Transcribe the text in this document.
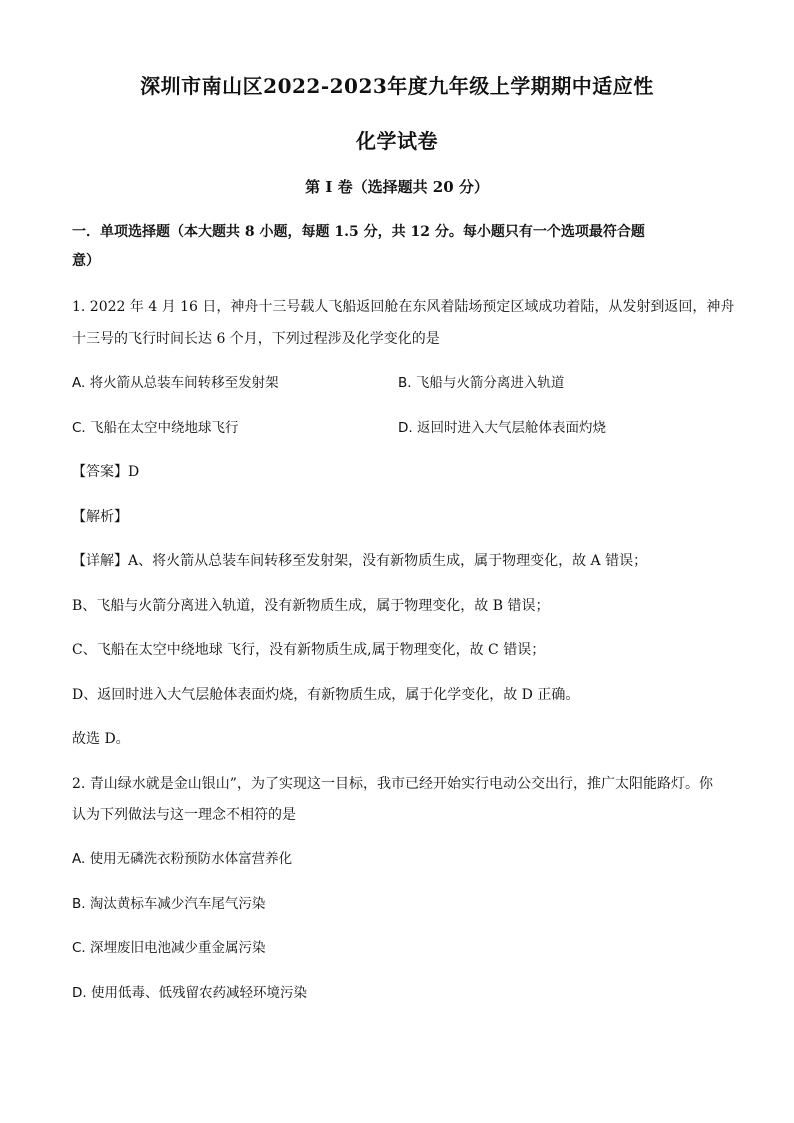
深圳市南山区2022-2023年度九年级上学期期中适应性
化学试卷
第 I 卷（选择题共 20 分）
一．单项选择题（本大题共 8 小题，每题 1.5 分，共 12 分。每小题只有一个选项最符合题
意）
1. 2022 年 4 月 16 日，神舟十三号载人飞船返回舱在东风着陆场预定区域成功着陆，从发射到返回，神舟
十三号的飞行时间长达 6 个月，下列过程涉及化学变化的是
A. 将火箭从总装车间转移至发射架	B. 飞船与火箭分离进入轨道
C. 飞船在太空中绕地球飞行	D. 返回时进入大气层舱体表面灼烧
【答案】D
【解析】
【详解】A、将火箭从总装车间转移至发射架，没有新物质生成，属于物理变化，故 A 错误；
B、飞船与火箭分离进入轨道，没有新物质生成，属于物理变化，故 B 错误；
C、飞船在太空中绕地球 飞行，没有新物质生成,属于物理变化，故 C 错误；
D、返回时进入大气层舱体表面灼烧，有新物质生成，属于化学变化，故 D 正确。
故选 D。
2. 青山绿水就是金山银山”，为了实现这一目标，我市已经开始实行电动公交出行，推广太阳能路灯。你
认为下列做法与这一理念不相符的是
A. 使用无磷洗衣粉预防水体富营养化
B. 淘汰黄标车减少汽车尾气污染
C. 深埋废旧电池减少重金属污染
D. 使用低毒、低残留农药减轻环境污染
